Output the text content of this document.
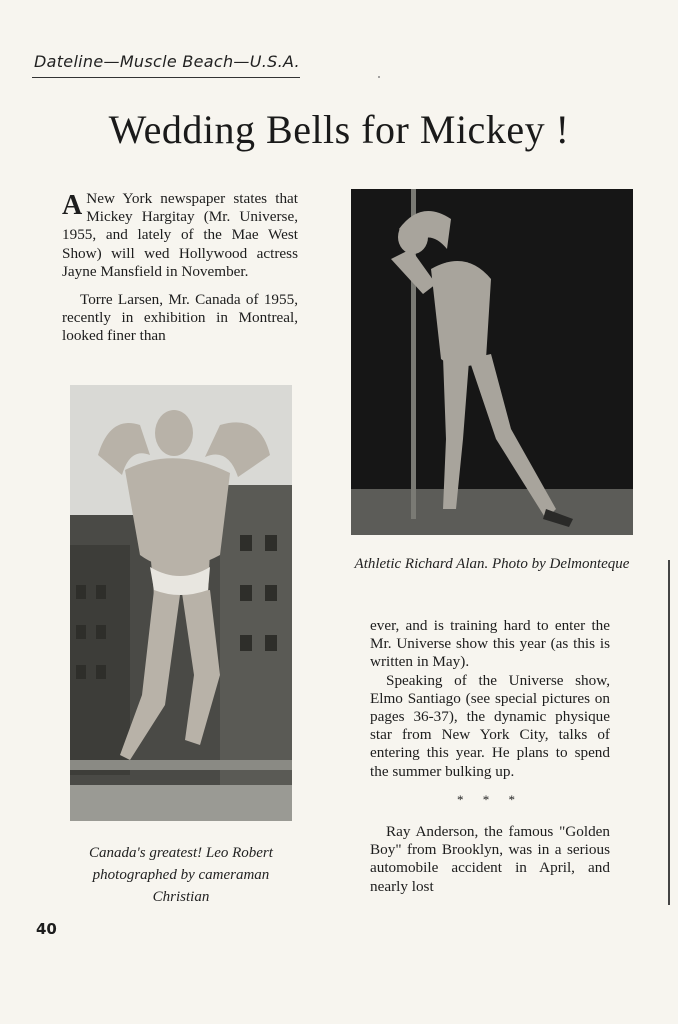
Dateline—Muscle Beach—U.S.A.
Wedding Bells for Mickey !

A New York newspaper states that Mickey Hargitay (Mr. Universe, 1955, and lately of the Mae West Show) will wed Hollywood actress Jayne Mansfield in November.

Torre Larsen, Mr. Canada of 1955, recently in exhibition in Montreal, looked finer than

Athletic Richard Alan. Photo by Delmonteque

ever, and is training hard to enter the Mr. Universe show this year (as this is written in May).

Speaking of the Universe show, Elmo Santiago (see special pictures on pages 36-37), the dynamic physique star from New York City, talks of entering this year. He plans to spend the summer bulking up.

* * *

Ray Anderson, the famous "Golden Boy" from Brooklyn, was in a serious automobile accident in April, and nearly lost

Canada's greatest! Leo Robert photographed by cameraman Christian
40
